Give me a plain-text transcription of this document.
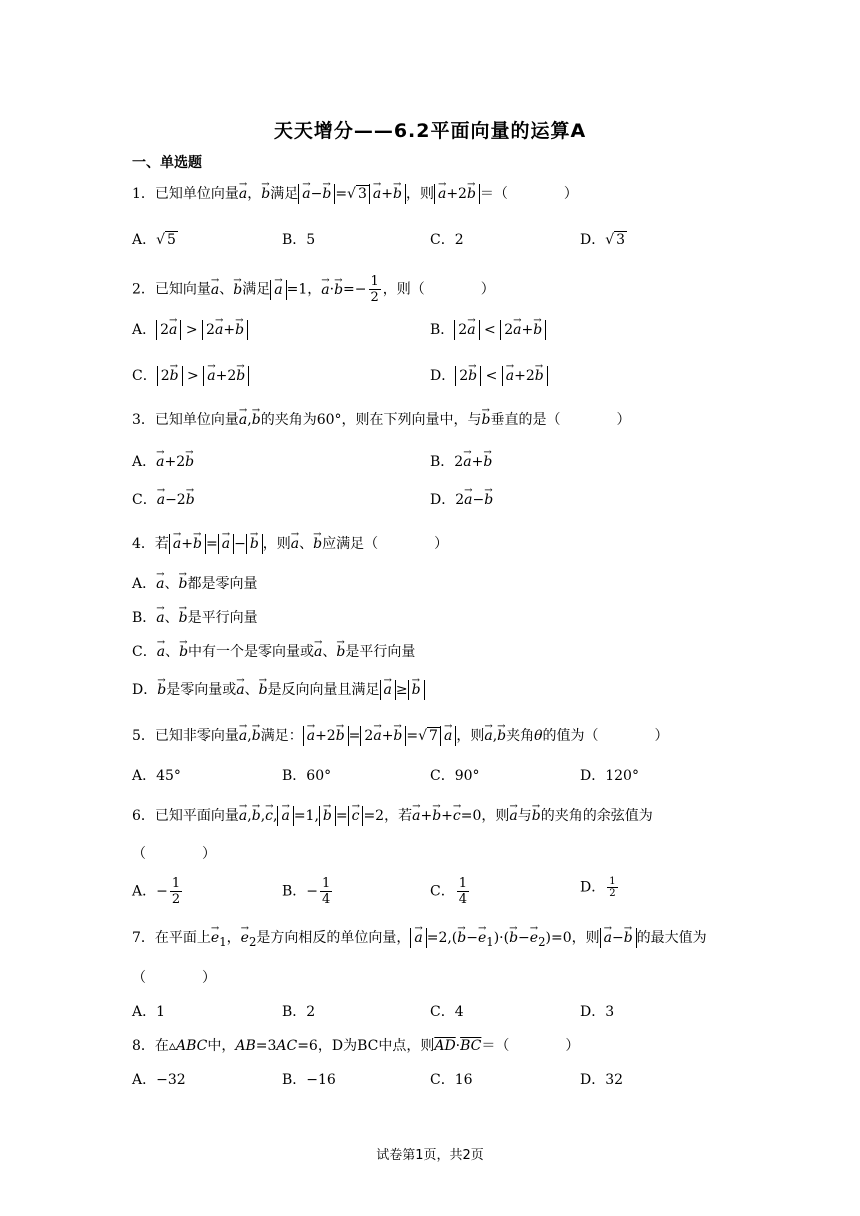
天天增分——6.2平面向量的运算A
一、单选题
1．已知单位向量→ a，→ b满足 → a−→ b =√ 3 → a+→ b ，则 → a+2→ b ＝（　　　　）
A．√ 5	B．5	C．2	D．√ 3
2．已知向量→ a、→ b满足 → a =1，→ $a\cdot\to b=- \frac{1}{2}$ ，则（　　　　）
A． 2→ a > 2→ a+→ b	B． 2→ a < 2→ a+→ b
C． 2→ b > → a+2→ b	D． 2→ b < → a+2→ b
3．已知单位向量→ a,→ b的夹角为60°，则在下列向量中，与→ b垂直的是（　　　　）
A．→ a+2→ b	B．2→ a+→ b
C．→ a−2→ b	D．2→ a−→ b
4．若 → a+→ b = → a − → b ，则→ a、→ b应满足（　　　　）
A．→ a、→ b都是零向量
B．→ a、→ b是平行向量
C．→ a、→ b中有一个是零向量或→ a、→ b是平行向量
D．→ b是零向量或→ a、→ b是反向向量且满足 → a ≥ → b
5．已知非零向量→ a,→ b满足： → a+2→ b = 2→ a+→ b =√ 7 → a ，则→ a,→ b夹角θ的值为（　　　　）
A．45°	B．60°	C．90°	D．120°
6．已知平面向量→ a,→ b,→ c, → a =1, → b = → c =2，若→ a+→ b+→ c=0，则→ a与→ b的夹角的余弦值为
（　　　　）
A．− $\frac{1}{2}$	B．− $\frac{1}{4}$	C． $\frac{1}{4}$	D． $\frac{1}{2}$
7．在平面上→ $e_1$，→ $e_2$是方向相反的单位向量， → $a =2,(\to b-\to e_1)\cdot(\to b-\to e_2)=0$，则 → a−→ b 的最大值为
（　　　　）
A．1	B．2	C．4	D．3
8．在▵ABC中，AB=3AC=6，D为BC中点，则$\overline{AD}\cdot\overline{BC}=$（　　　　）
A．−32	B．−16	C．16	D．32
试卷第1页，共2页
